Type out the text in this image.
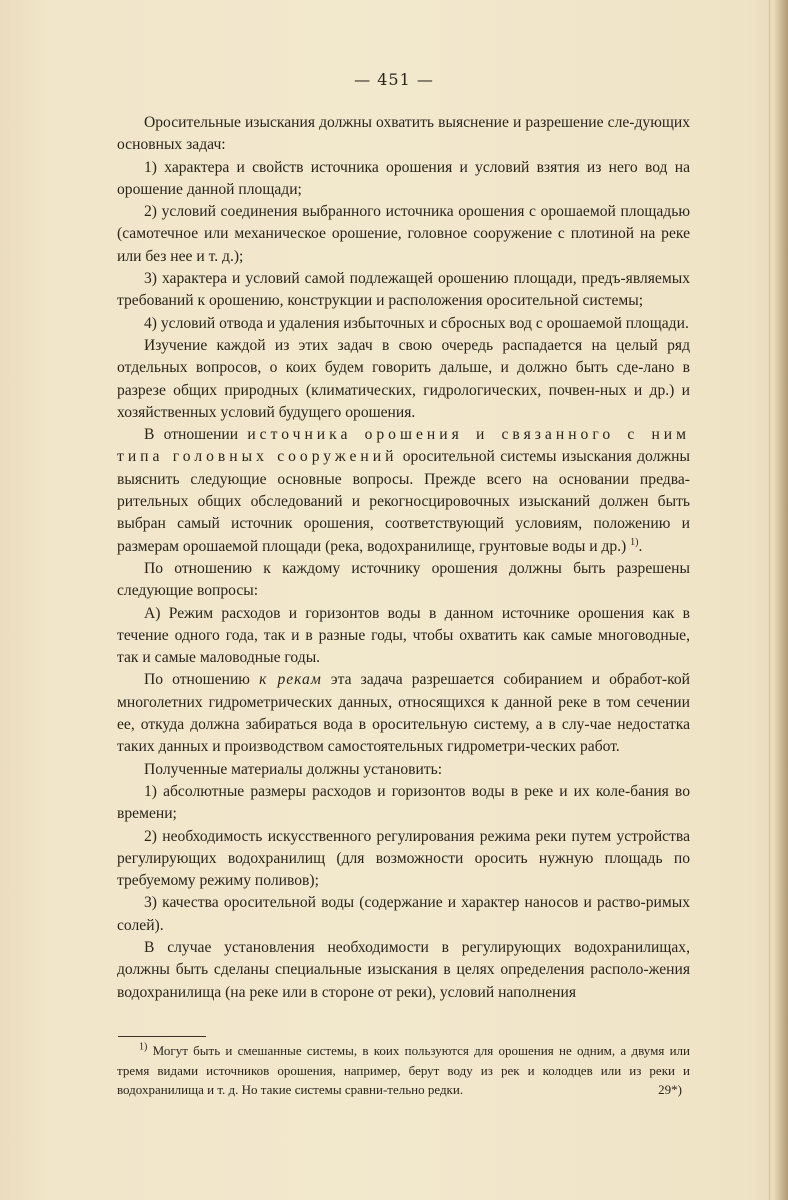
— 451 —

Оросительные изыскания должны охватить выяснение и разрешение сле-дующих основных задач:

1) характера и свойств источника орошения и условий взятия из него вод на орошение данной площади;

2) условий соединения выбранного источника орошения с орошаемой площадью (самотечное или механическое орошение, головное сооружение с плотиной на реке или без нее и т. д.);

3) характера и условий самой подлежащей орошению площади, предъ-являемых требований к орошению, конструкции и расположения оросительной системы;

4) условий отвода и удаления избыточных и сбросных вод с орошаемой площади.

Изучение каждой из этих задач в свою очередь распадается на целый ряд отдельных вопросов, о коих будем говорить дальше, и должно быть сде-лано в разрезе общих природных (климатических, гидрологических, почвен-ных и др.) и хозяйственных условий будущего орошения.

В отношении источника орошения и связанного с ним типа головных сооружений оросительной системы изыскания должны выяснить следующие основные вопросы. Прежде всего на основании предва-рительных общих обследований и рекогносцировочных изысканий должен быть выбран самый источник орошения, соответствующий условиям, положению и размерам орошаемой площади (река, водохранилище, грунтовые воды и др.) $^{1)}$.

По отношению к каждому источнику орошения должны быть разрешены следующие вопросы:

А) Режим расходов и горизонтов воды в данном источнике орошения как в течение одного года, так и в разные годы, чтобы охватить как самые многоводные, так и самые маловодные годы.

По отношению к рекам эта задача разрешается собиранием и обработ-кой многолетних гидрометрических данных, относящихся к данной реке в том сечении ее, откуда должна забираться вода в оросительную систему, а в слу-чае недостатка таких данных и производством самостоятельных гидрометри-ческих работ.

Полученные материалы должны установить:

1) абсолютные размеры расходов и горизонтов воды в реке и их коле-бания во времени;

2) необходимость искусственного регулирования режима реки путем устройства регулирующих водохранилищ (для возможности оросить нужную площадь по требуемому режиму поливов);

3) качества оросительной воды (содержание и характер наносов и раство-римых солей).

В случае установления необходимости в регулирующих водохранилищах, должны быть сделаны специальные изыскания в целях определения располо-жения водохранилища (на реке или в стороне от реки), условий наполнения

$^{1)}$ Могут быть и смешанные системы, в коих пользуются для орошения не одним, а двумя или тремя видами источников орошения, например, берут воду из рек и колодцев или из реки и водохранилища и т. д. Но такие системы сравни-тельно редки.	29*)
